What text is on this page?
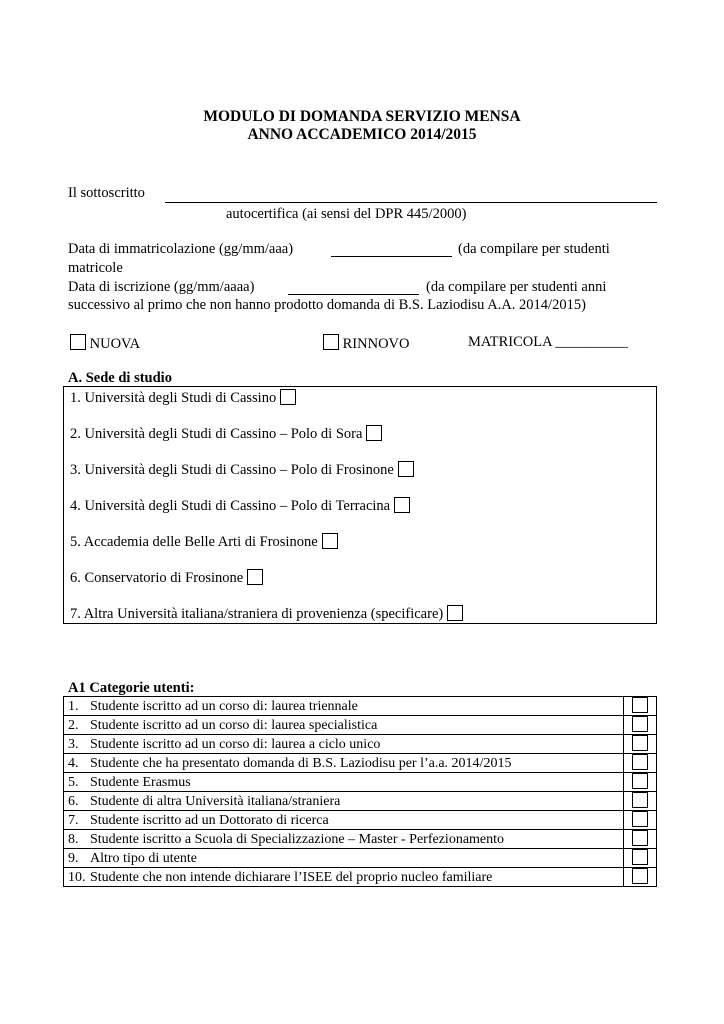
MODULO DI DOMANDA SERVIZIO MENSA
ANNO ACCADEMICO 2014/2015
Il sottoscritto
autocertifica (ai sensi del DPR 445/2000)
Data di immatricolazione (gg/mm/aaa)	(da compilare per studenti
matricole
Data di iscrizione (gg/mm/aaaa)	(da compilare per studenti anni
successivo al primo che non hanno prodotto domanda di B.S. Laziodisu A.A. 2014/2015)
NUOVA	RINNOVO	MATRICOLA __________
A. Sede di studio
1. Università degli Studi di Cassino
2. Università degli Studi di Cassino – Polo di Sora
3. Università degli Studi di Cassino – Polo di Frosinone
4. Università degli Studi di Cassino – Polo di Terracina
5. Accademia delle Belle Arti di Frosinone
6. Conservatorio di Frosinone
7. Altra Università italiana/straniera di provenienza (specificare)
A1 Categorie utenti:
1.	Studente iscritto ad un corso di: laurea triennale	
2.	Studente iscritto ad un corso di: laurea specialistica	
3.	Studente iscritto ad un corso di: laurea a ciclo unico	
4.	Studente che ha presentato domanda di B.S. Laziodisu per l’a.a. 2014/2015	
5.	Studente Erasmus	
6.	Studente di altra Università italiana/straniera	
7.	Studente iscritto ad un Dottorato di ricerca	
8.	Studente iscritto a Scuola di Specializzazione – Master - Perfezionamento	
9.	Altro tipo di utente	
10.	Studente che non intende dichiarare l’ISEE del proprio nucleo familiare	
